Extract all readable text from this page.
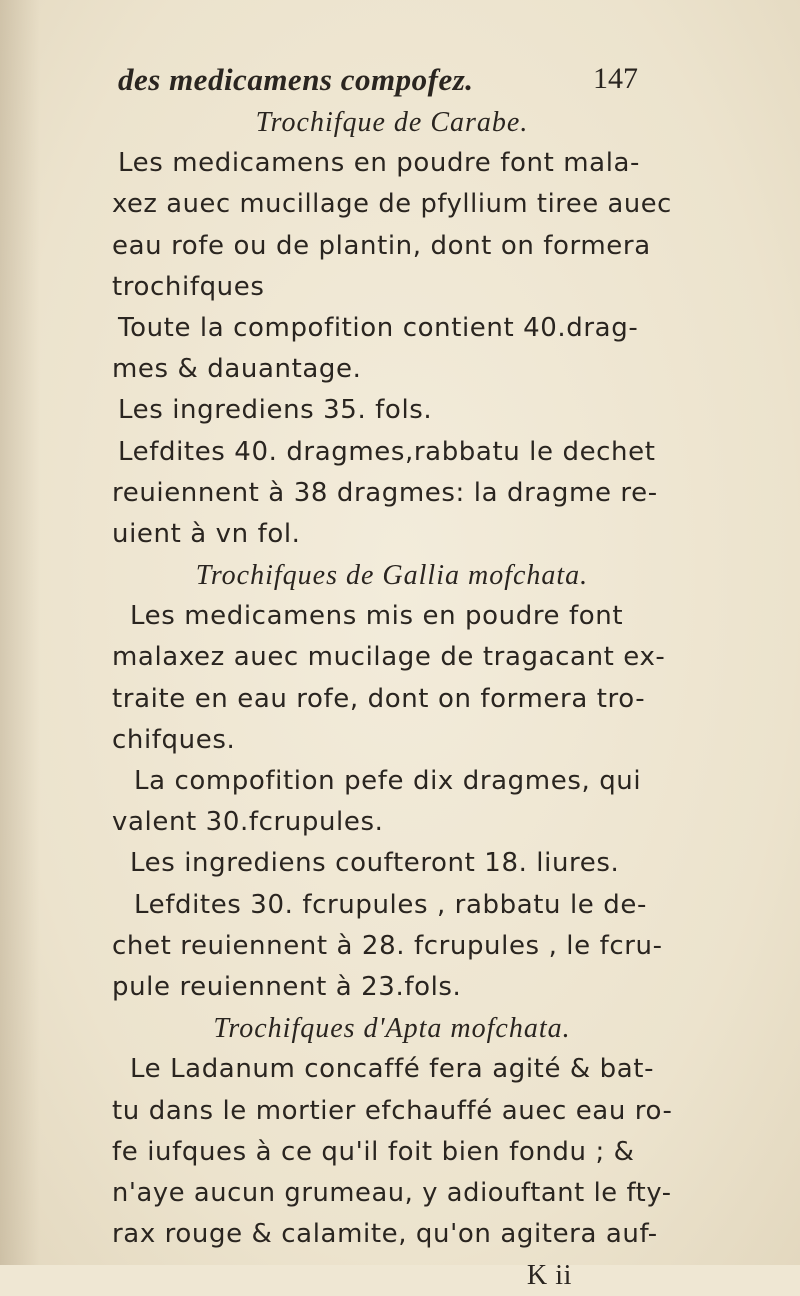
des medicamens compofez.	147
Trochifque de Carabe.
Les medicamens en poudre font mala-
xez auec mucillage de pfyllium tiree auec
eau rofe ou de plantin, dont on formera
trochifques
Toute la compofition contient 40.drag-
mes & dauantage.
Les ingrediens 35. fols.
Lefdites 40. dragmes,rabbatu le dechet
reuiennent à 38 dragmes: la dragme re-
uient à vn fol.
Trochifques de Gallia mofchata.
Les medicamens mis en poudre font
malaxez auec mucilage de tragacant ex-
traite en eau rofe, dont on formera tro-
chifques.
La compofition pefe dix dragmes, qui
valent 30.fcrupules.
Les ingrediens coufteront 18. liures.
Lefdites 30. fcrupules , rabbatu le de-
chet reuiennent à 28. fcrupules , le fcru-
pule reuiennent à 23.fols.
Trochifques d'Apta mofchata.
Le Ladanum concaffé fera agité & bat-
tu dans le mortier efchauffé auec eau ro-
fe iufques à ce qu'il foit bien fondu ; &
n'aye aucun grumeau, y adiouftant le fty-
rax rouge & calamite, qu'on agitera auf-
K ii
